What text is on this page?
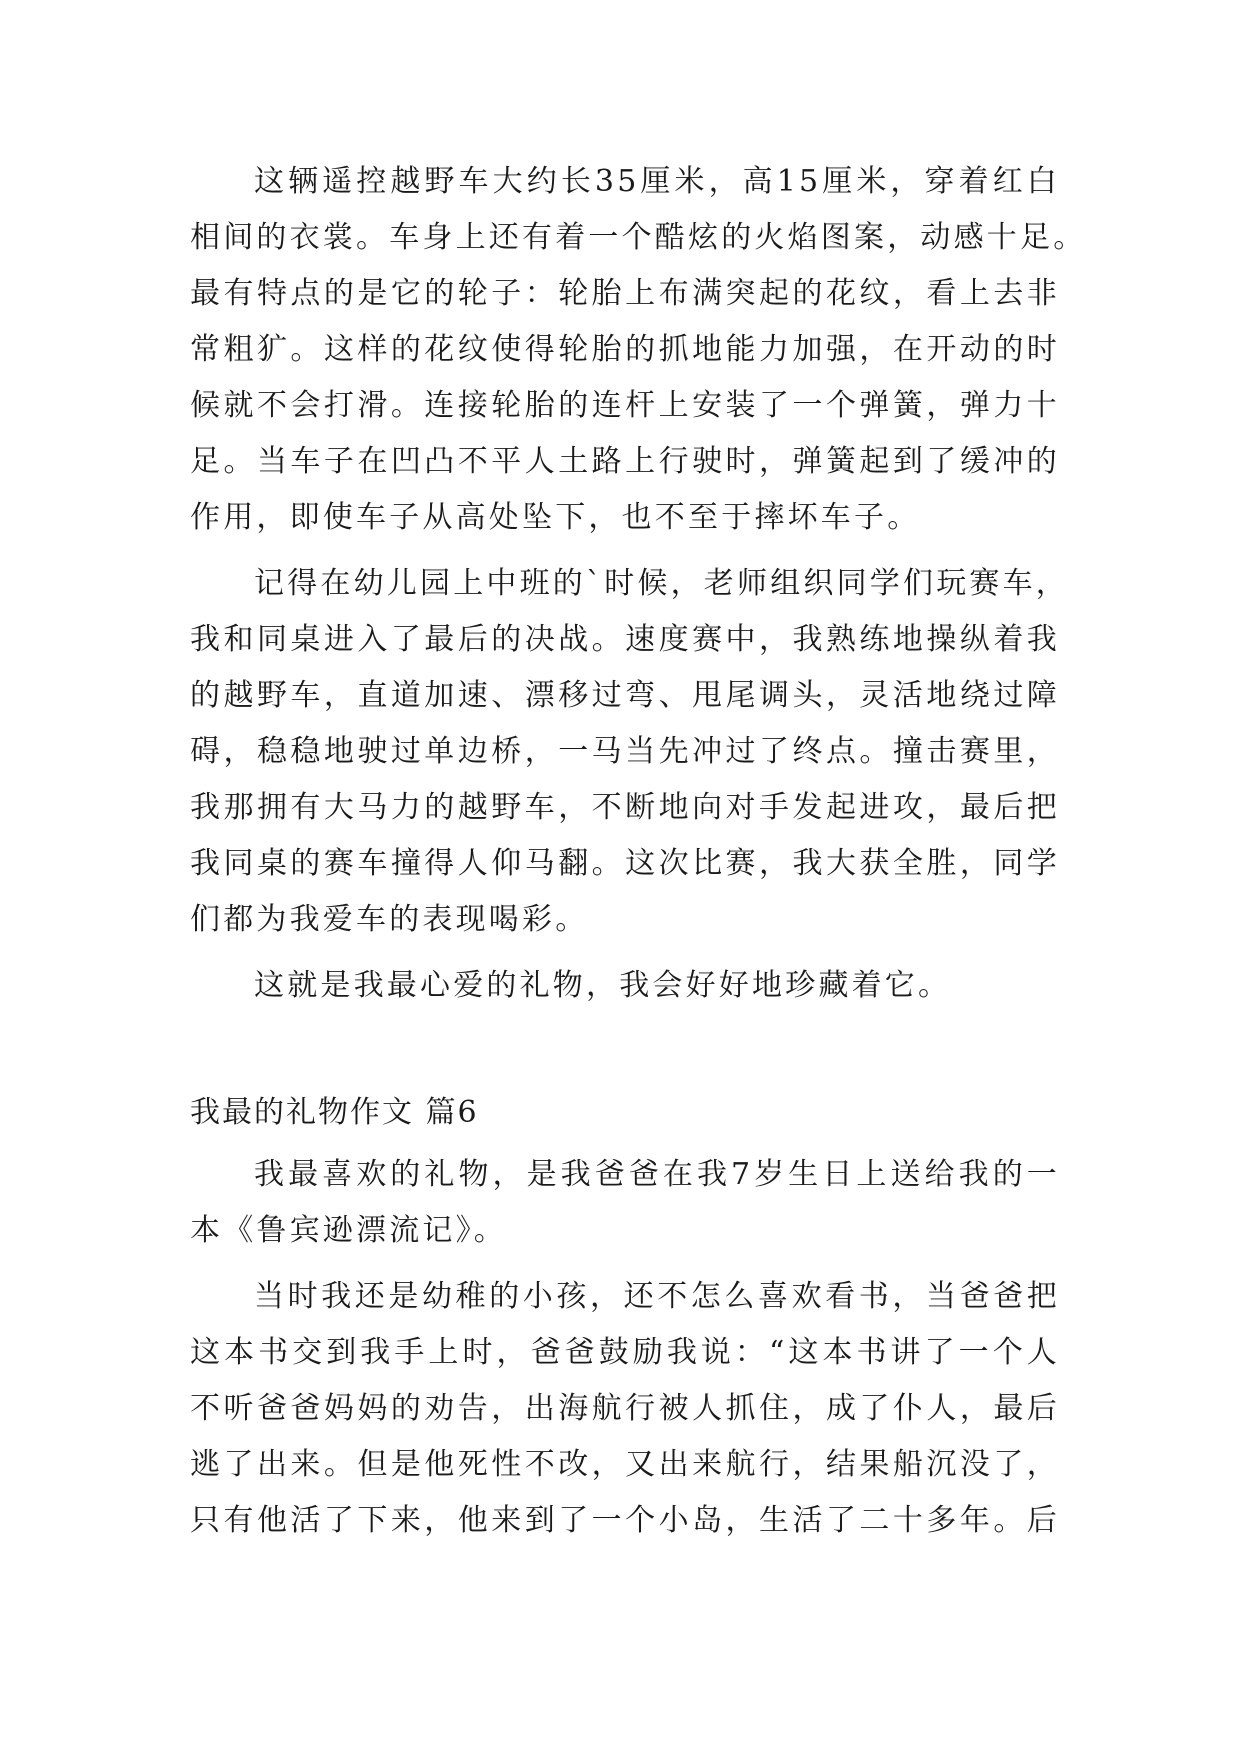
这辆遥控越野车大约长35厘米，高15厘米，穿着红白
相间的衣裳。车身上还有着一个酷炫的火焰图案，动感十足。
最有特点的是它的轮子：轮胎上布满突起的花纹，看上去非
常粗犷。这样的花纹使得轮胎的抓地能力加强，在开动的时
候就不会打滑。连接轮胎的连杆上安装了一个弹簧，弹力十
足。当车子在凹凸不平人土路上行驶时，弹簧起到了缓冲的
作用，即使车子从高处坠下，也不至于摔坏车子。
记得在幼儿园上中班的`时候，老师组织同学们玩赛车，
我和同桌进入了最后的决战。速度赛中，我熟练地操纵着我
的越野车，直道加速、漂移过弯、甩尾调头，灵活地绕过障
碍，稳稳地驶过单边桥，一马当先冲过了终点。撞击赛里，
我那拥有大马力的越野车，不断地向对手发起进攻，最后把
我同桌的赛车撞得人仰马翻。这次比赛，我大获全胜，同学
们都为我爱车的表现喝彩。
这就是我最心爱的礼物，我会好好地珍藏着它。
我最的礼物作文 篇6
我最喜欢的礼物，是我爸爸在我7岁生日上送给我的一
本《鲁宾逊漂流记》。
当时我还是幼稚的小孩，还不怎么喜欢看书，当爸爸把
这本书交到我手上时，爸爸鼓励我说：“这本书讲了一个人
不听爸爸妈妈的劝告，出海航行被人抓住，成了仆人，最后
逃了出来。但是他死性不改，又出来航行，结果船沉没了，
只有他活了下来，他来到了一个小岛，生活了二十多年。后
